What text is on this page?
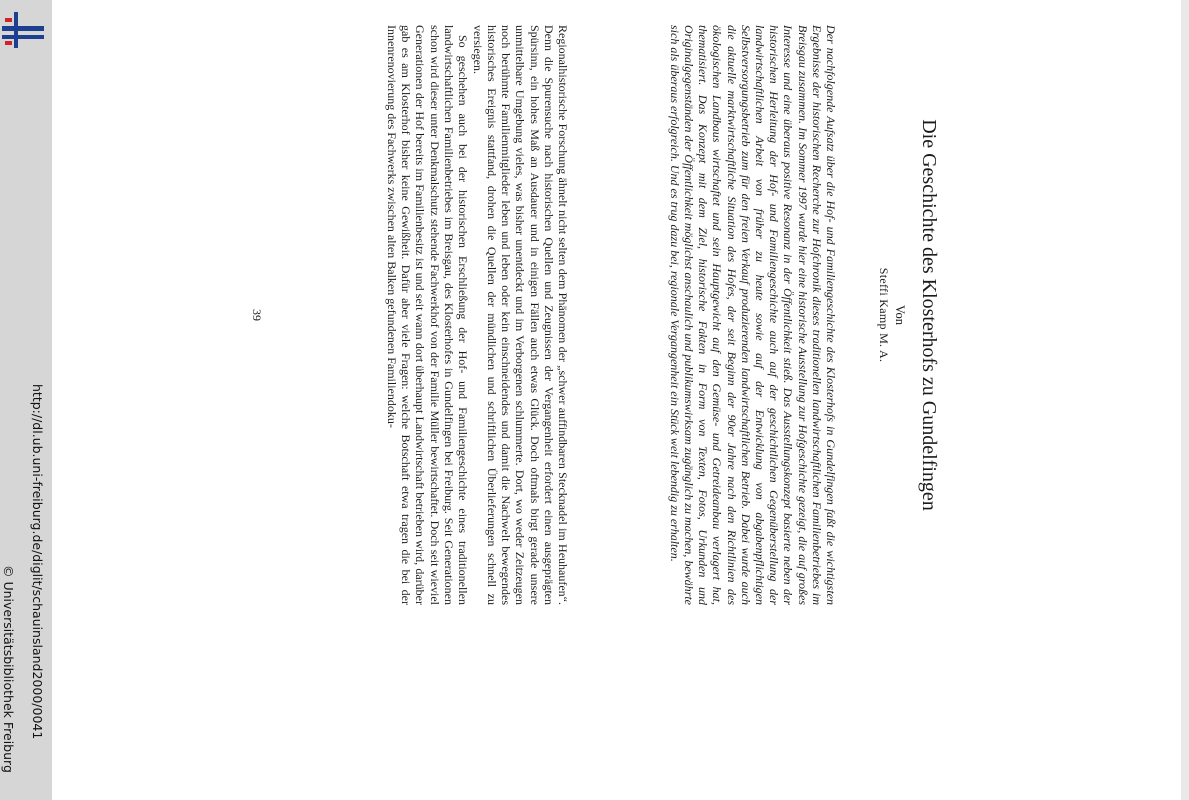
http://dl.ub.uni-freiburg.de/diglit/schauinsland2000/0041
© Universitätsbibliothek Freiburg
Die Geschichte des Klosterhofs zu Gundelfingen
Von
Steffi Kamp M. A.
Der nachfolgende Aufsatz über die Hof- und Familiengeschichte des Klosterhofs in Gundelfingen faßt die wichtigsten Ergebnisse der historischen Recherche zur Hofchronik dieses traditionellen landwirtschaftlichen Familienbetriebes im Breisgau zusammen. Im Sommer 1997 wurde hier eine historische Ausstellung zur Hofgeschichte gezeigt, die auf großes Interesse und eine überaus positive Resonanz in der Öffentlichkeit stieß. Das Ausstellungskonzept basierte neben der historischen Herleitung der Hof- und Familiengeschichte auch auf der geschichtlichen Gegenüberstellung der landwirtschaftlichen Arbeit von früher zu heute sowie auf der Entwicklung von abgabenpflichtigen Selbstversorgungsbetrieb zum für den freien Verkauf produzierenden landwirtschaftlichen Betrieb. Dabei wurde auch die aktuelle marktwirtschaftliche Situation des Hofes, der seit Beginn der 90er Jahre nach den Richtlinien des ökologischen Landbaus wirtschaftet und sein Hauptgewicht auf den Gemüse- und Getreideanbau verlagert hat, thematisiert. Das Konzept mit dem Ziel, historische Fakten in Form von Texten, Fotos, Urkunden und Originalgegenständen der Öffentlichkeit möglichst anschaulich und publikumswirksam zugänglich zu machen, bewährte sich als überaus erfolgreich. Und es trug dazu bei, regionale Vergangenheit ein Stück weit lebendig zu erhalten.
Regionalhistorische Forschung ähnelt nicht selten dem Phänomen der „schwer auffindbaren Stecknadel im Heuhaufen“. Denn die Spurensuche nach historischen Quellen und Zeugnissen der Vergangenheit erfordert einen ausgeprägten Spürsinn, ein hohes Maß an Ausdauer und in einigen Fällen auch etwas Glück. Doch oftmals birgt gerade unsere unmittelbare Umgebung vieles, was bisher unentdeckt und im Verborgenen schlummerte. Dort, wo weder Zeitzeugen noch berühmte Familienmitglieder leben und leben oder kein einschneidendes und damit die Nachwelt bewegendes historisches Ereignis stattfand, drohen die Quellen der mündlichen und schriftlichen Überlieferungen schnell zu versiegen.
So geschehen auch bei der historischen Erschließung der Hof- und Familiengeschichte eines traditionellen landwirtschaftlichen Familienbetriebes im Breisgau, des Klosterhofes in Gundelfingen bei Freiburg. Seit Generationen schon wird dieser unter Denkmalschutz stehende Fachwerkhof von der Familie Müller bewirtschaftet. Doch seit wieviel Generationen der Hof bereits im Familienbesitz ist und seit wann dort überhaupt Landwirtschaft betrieben wird, darüber gab es am Klosterhof bisher keine Gewißheit. Dafür aber viele Fragen: welche Botschaft etwa tragen die bei der Innenrenovierung des Fachwerks zwischen alten Balken gefundenen Familiendoku-
39
